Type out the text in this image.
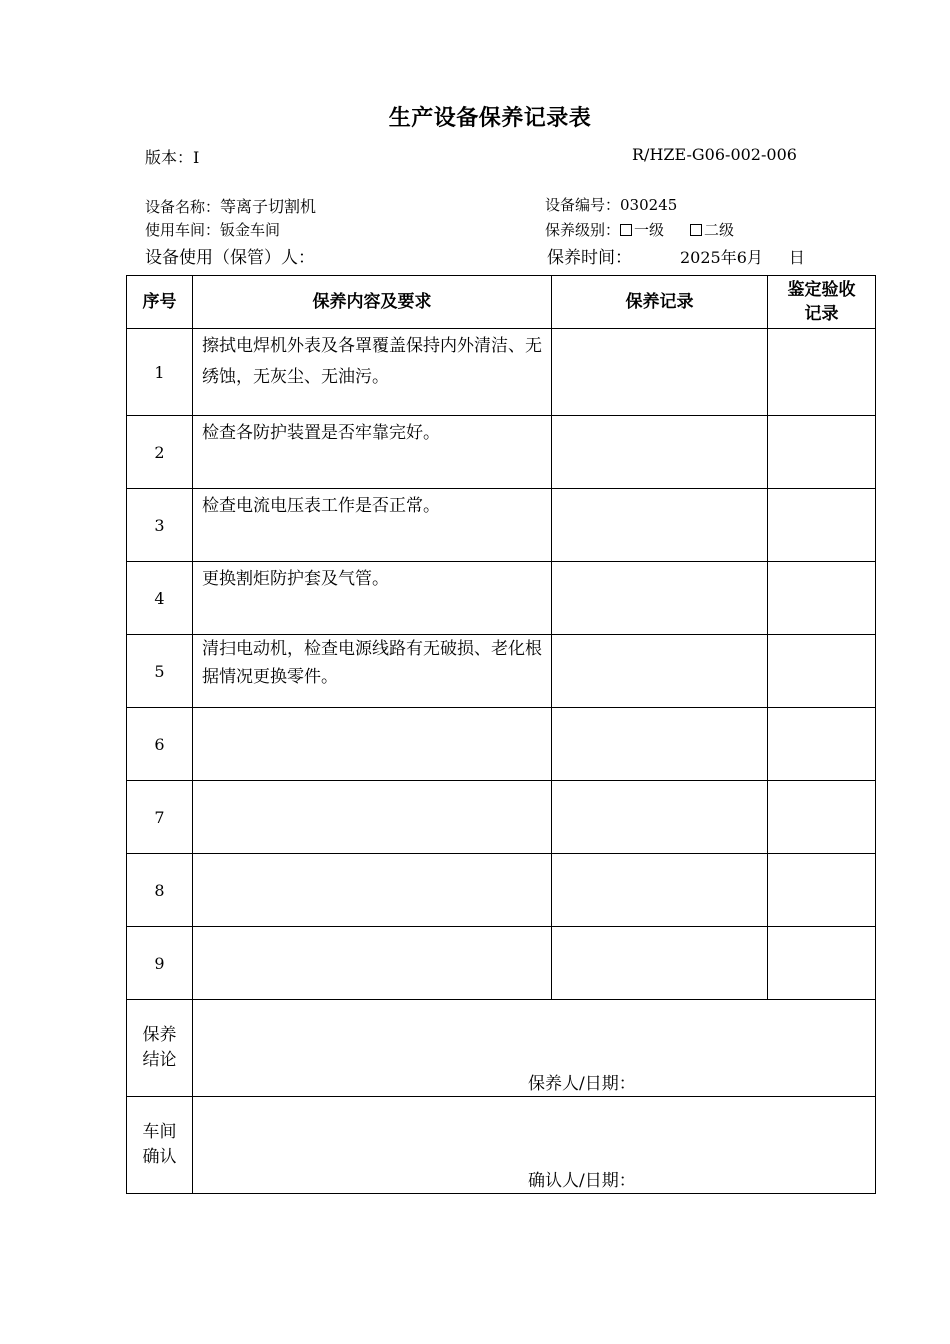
生产设备保养记录表
版本：I	R/HZE-G06-002-006
设备名称：等离子切割机	设备编号：030245
使用车间：钣金车间	保养级别： 一级	二级
设备使用（保管）人：	保养时间：	2025年6月 日
序号	保养内容及要求	保养记录	鉴定验收记录
1	擦拭电焊机外表及各罩覆盖保持内外清洁、无绣蚀，无灰尘、无油污。		
2	检查各防护装置是否牢靠完好。		
3	检查电流电压表工作是否正常。		
4	更换割炬防护套及气管。		
5	清扫电动机，检查电源线路有无破损、老化根据情况更换零件。		
6			
7			
8			
9			

保养结论	保养人/日期：		

车间确认	确认人/日期：		
